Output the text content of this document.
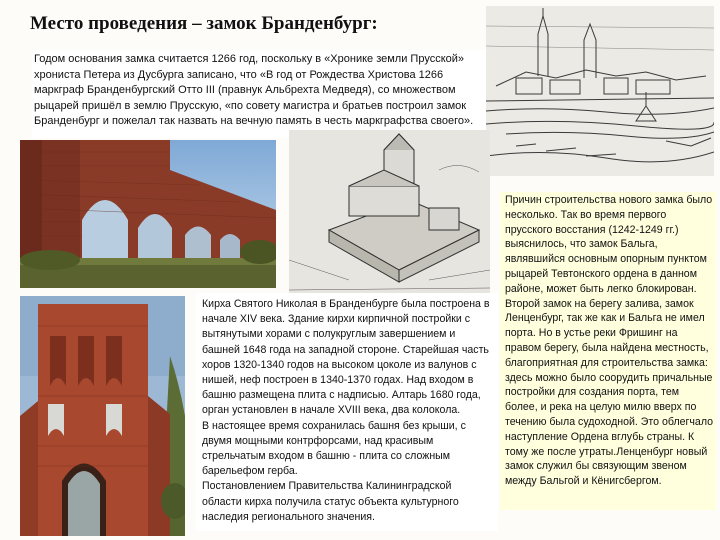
Место проведения – замок Бранденбург:

Годом основания замка считается 1266 год, поскольку в «Хронике земли Прусской» хрониста Петера из Дусбурга записано, что «В год от Рождества Христова 1266 маркграф Бранденбургский Отто III (правнук Альбрехта Медведя), со множеством рыцарей пришёл в землю Прусскую, «по совету магистра и братьев построил замок Бранденбург и пожелал так назвать на вечную память в честь маркграфства своего».

Кирха Святого Николая в Бранденбурге была построена в начале XIV века. Здание кирхи кирпичной постройки с вытянутыми хорами с полукруглым завершением и башней 1648 года на западной стороне. Старейшая часть хоров 1320-1340 годов на высоком цоколе из валунов с нишей, неф построен в 1340-1370 годах. Над входом в башню размещена плита с надписью. Алтарь 1680 года, орган установлен в начале XVIII века, два колокола.

В настоящее время сохранилась башня без крыши, с двумя мощными контрфорсами, над красивым стрельчатым входом в башню - плита со сложным барельефом герба.

Постановлением Правительства Калининградской области кирха получила статус объекта культурного наследия регионального значения.

Причин строительства нового замка было несколько. Так во время первого прусского восстания (1242-1249 гг.) выяснилось, что замок Бальга, являвшийся основным опорным пунктом рыцарей Тевтонского ордена в данном районе, может быть легко блокирован. Второй замок на берегу залива, замок Ленценбург, так же как и Бальга не имел порта. Но в устье реки Фришинг на правом берегу, была найдена местность, благоприятная для строительства замка: здесь можно было соорудить причальные постройки для создания порта, тем более, и река на целую милю вверх по течению была судоходной. Это облегчало наступление Ордена вглубь страны. К тому же после утраты.Ленценбург новый замок служил бы связующим звеном между Бальгой и Кёнигсбергом.
